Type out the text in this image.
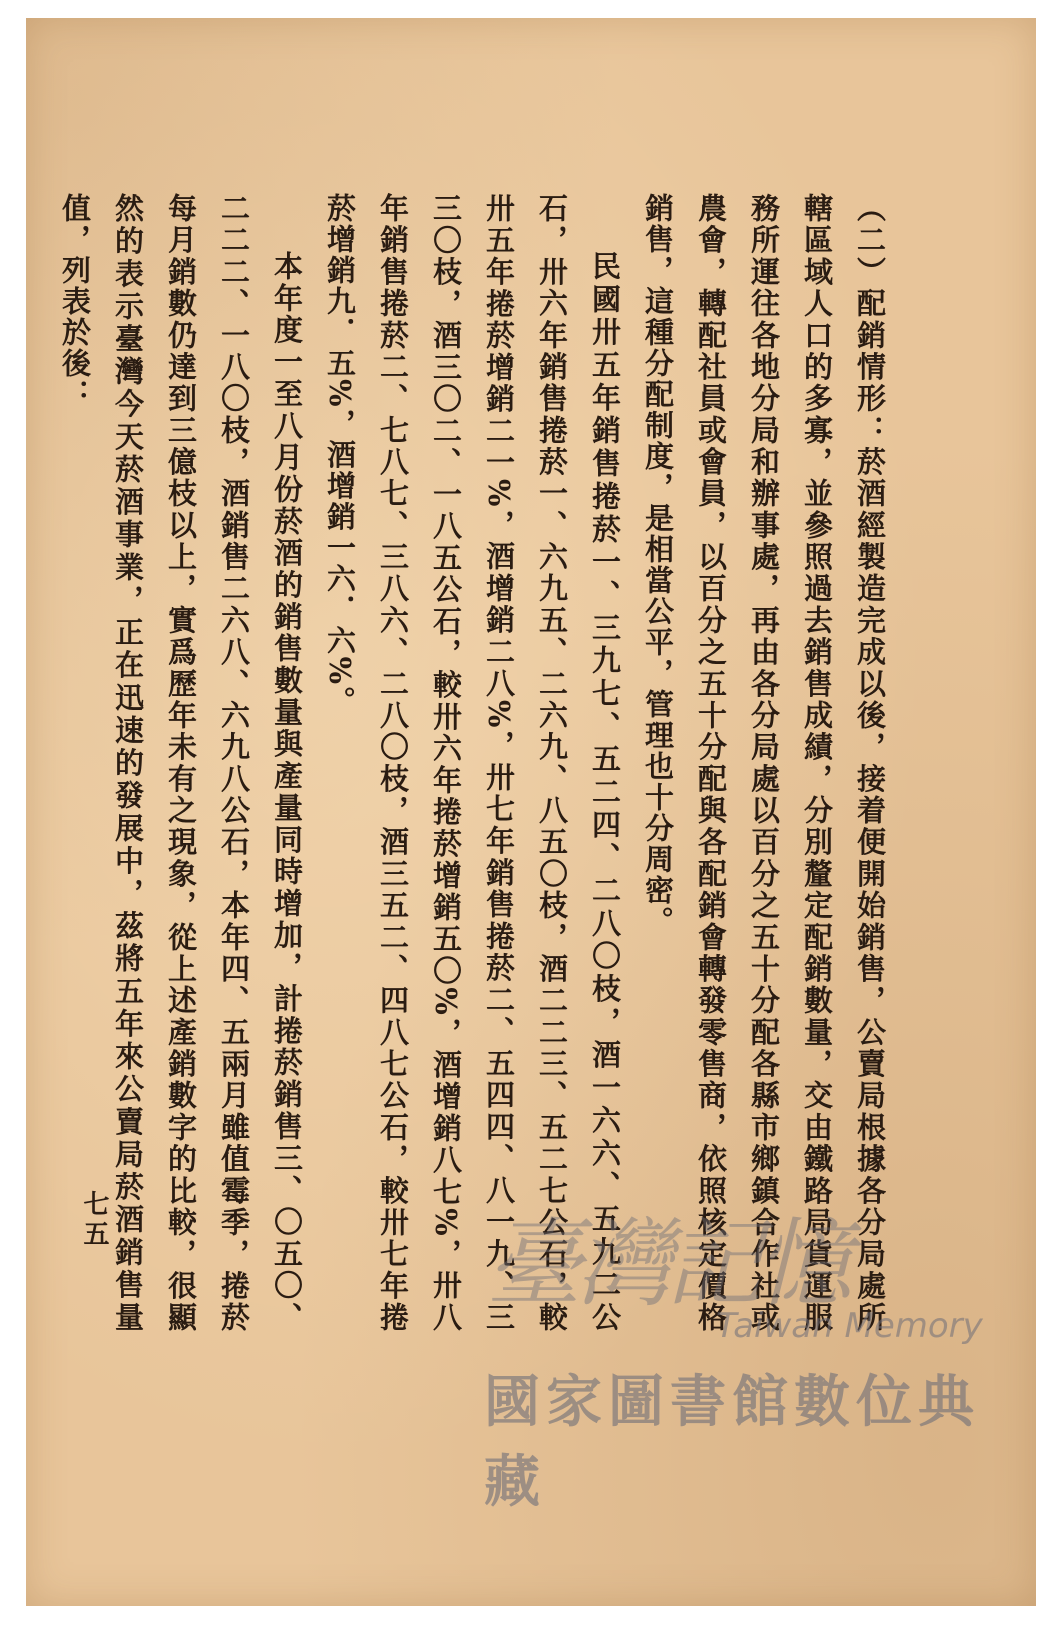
（二）配銷情形：菸酒經製造完成以後，接着便開始銷售，公賣局根據各分局處所轄區域人口的多寡，並參照過去銷售成績，分別釐定配銷數量，交由鐵路局貨運服務所運往各地分局和辦事處，再由各分局處以百分之五十分配各縣市鄉鎮合作社或農會，轉配社員或會員，以百分之五十分配與各配銷會轉發零售商，依照核定價格銷售，這種分配制度，是相當公平，管理也十分周密。

民國卅五年銷售捲菸一、三九七、五二四、二八〇枝，酒一六六、五九二公石，卅六年銷售捲菸一、六九五、二六九、八五〇枝，酒二二三、五二七公石，較卅五年捲菸增銷二一%，酒增銷二八%，卅七年銷售捲菸二、五四四、八一九、三三〇枝，酒三〇二、一八五公石，較卅六年捲菸增銷五〇%，酒增銷八七%，卅八年銷售捲菸二、七八七、三八六、二八〇枝，酒三五二、四八七公石，較卅七年捲菸增銷九．五%，酒增銷一六．六%。

本年度一至八月份菸酒的銷售數量與產量同時增加，計捲菸銷售三、〇五〇、二二二、一八〇枝，酒銷售二六八、六九八公石，本年四、五兩月雖值霉季，捲菸每月銷數仍達到三億枝以上，實爲歷年未有之現象，從上述產銷數字的比較，很顯然的表示臺灣今天菸酒事業，正在迅速的發展中，茲將五年來公賣局菸酒銷售量值，列表於後：

七五	臺灣記憶
Taiwan Memory
國家圖書館數位典藏
